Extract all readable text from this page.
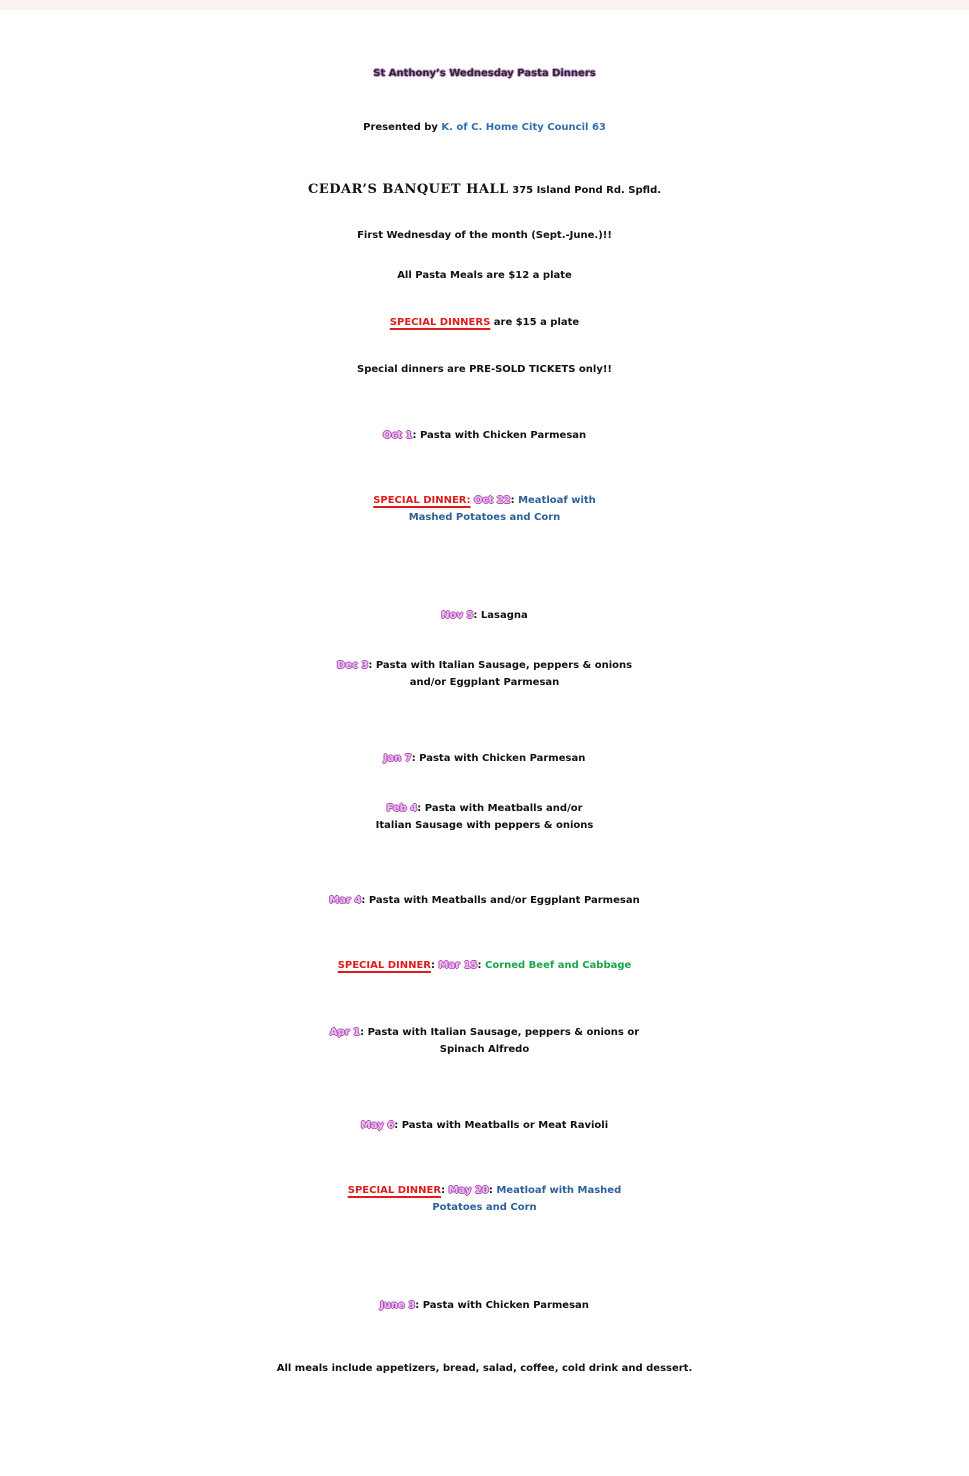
St Anthony’s Wednesday Pasta Dinners
Presented by K. of C. Home City Council 63
CEDAR’S BANQUET HALL 375 Island Pond Rd. Spfld.
First Wednesday of the month (Sept.-June.)!!
All Pasta Meals are $12 a plate
SPECIAL DINNERS are $15 a plate
Special dinners are PRE-SOLD TICKETS only!!
Oct 1: Pasta with Chicken Parmesan
SPECIAL DINNER: Oct 22: Meatloaf with
Mashed Potatoes and Corn
Nov 5: Lasagna
Dec 3: Pasta with Italian Sausage, peppers & onions
and/or Eggplant Parmesan
Jan 7: Pasta with Chicken Parmesan
Feb 4: Pasta with Meatballs and/or
Italian Sausage with peppers & onions
Mar 4: Pasta with Meatballs and/or Eggplant Parmesan
SPECIAL DINNER: Mar 15: Corned Beef and Cabbage
Apr 1: Pasta with Italian Sausage, peppers & onions or
Spinach Alfredo
May 6: Pasta with Meatballs or Meat Ravioli
SPECIAL DINNER: May 20: Meatloaf with Mashed
Potatoes and Corn
June 3: Pasta with Chicken Parmesan
All meals include appetizers, bread, salad, coffee, cold drink and dessert.
